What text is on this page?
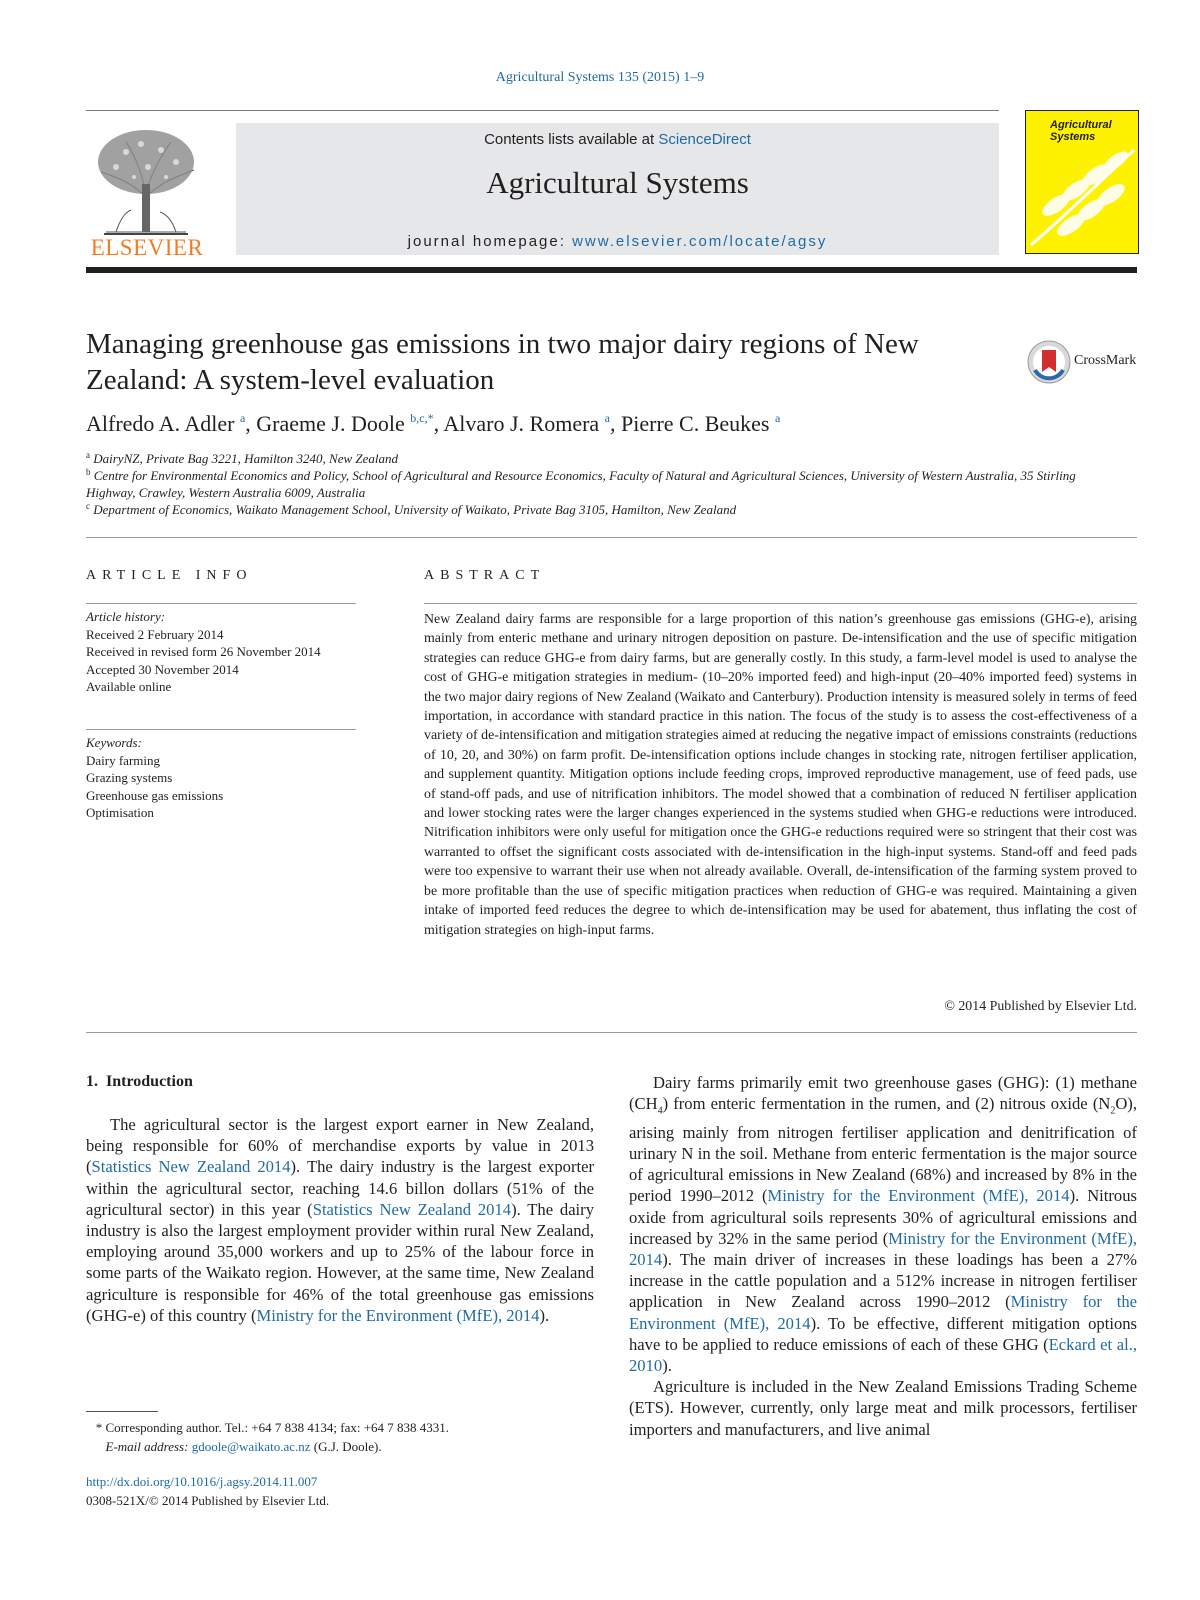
Agricultural Systems 135 (2015) 1–9
ELSEVIER
Contents lists available at ScienceDirect
Agricultural Systems
journal homepage: www.elsevier.com/locate/agsy
Agricultural Systems
Managing greenhouse gas emissions in two major dairy regions of New Zealand: A system-level evaluation
CrossMark
Alfredo A. Adler $^a$, Graeme J. Doole $^{b,c,*}$, Alvaro J. Romera $^a$, Pierre C. Beukes $^a$
$^a$ DairyNZ, Private Bag 3221, Hamilton 3240, New Zealand
$^b$ Centre for Environmental Economics and Policy, School of Agricultural and Resource Economics, Faculty of Natural and Agricultural Sciences, University of Western Australia, 35 Stirling Highway, Crawley, Western Australia 6009, Australia
$^c$ Department of Economics, Waikato Management School, University of Waikato, Private Bag 3105, Hamilton, New Zealand
ARTICLE INFO
Article history:
Received 2 February 2014
Received in revised form 26 November 2014
Accepted 30 November 2014
Available online
Keywords:
Dairy farming
Grazing systems
Greenhouse gas emissions
Optimisation
ABSTRACT
New Zealand dairy farms are responsible for a large proportion of this nation’s greenhouse gas emissions (GHG-e), arising mainly from enteric methane and urinary nitrogen deposition on pasture. De-intensification and the use of specific mitigation strategies can reduce GHG-e from dairy farms, but are generally costly. In this study, a farm-level model is used to analyse the cost of GHG-e mitigation strategies in medium- (10–20% imported feed) and high-input (20–40% imported feed) systems in the two major dairy regions of New Zealand (Waikato and Canterbury). Production intensity is measured solely in terms of feed importation, in accordance with standard practice in this nation. The focus of the study is to assess the cost-effectiveness of a variety of de-intensification and mitigation strategies aimed at reducing the negative impact of emissions constraints (reductions of 10, 20, and 30%) on farm profit. De-intensification options include changes in stocking rate, nitrogen fertiliser application, and supplement quantity. Mitigation options include feeding crops, improved reproductive management, use of feed pads, use of stand-off pads, and use of nitrification inhibitors. The model showed that a combination of reduced N fertiliser application and lower stocking rates were the larger changes experienced in the systems studied when GHG-e reductions were introduced. Nitrification inhibitors were only useful for mitigation once the GHG-e reductions required were so stringent that their cost was warranted to offset the significant costs associated with de-intensification in the high-input systems. Stand-off and feed pads were too expensive to warrant their use when not already available. Overall, de-intensification of the farming system proved to be more profitable than the use of specific mitigation practices when reduction of GHG-e was required. Maintaining a given intake of imported feed reduces the degree to which de-intensification may be used for abatement, thus inflating the cost of mitigation strategies on high-input farms.
© 2014 Published by Elsevier Ltd.
1. Introduction

The agricultural sector is the largest export earner in New Zealand, being responsible for 60% of merchandise exports by value in 2013 (Statistics New Zealand 2014). The dairy industry is the largest exporter within the agricultural sector, reaching 14.6 billon dollars (51% of the agricultural sector) in this year (Statistics New Zealand 2014). The dairy industry is also the largest employment provider within rural New Zealand, employing around 35,000 workers and up to 25% of the labour force in some parts of the Waikato region. However, at the same time, New Zealand agriculture is responsible for 46% of the total greenhouse gas emissions (GHG-e) of this country (Ministry for the Environment (MfE), 2014).

* Corresponding author. Tel.: +64 7 838 4134; fax: +64 7 838 4331.
E-mail address: gdoole@waikato.ac.nz (G.J. Doole).
http://dx.doi.org/10.1016/j.agsy.2014.11.007
0308-521X/© 2014 Published by Elsevier Ltd.

Dairy farms primarily emit two greenhouse gases (GHG): (1) methane $(CH_4)$ from enteric fermentation in the rumen, and (2) nitrous oxide $(N_2O)$, arising mainly from nitrogen fertiliser application and denitrification of urinary N in the soil. Methane from enteric fermentation is the major source of agricultural emissions in New Zealand (68%) and increased by 8% in the period 1990–2012 (Ministry for the Environment (MfE), 2014). Nitrous oxide from agricultural soils represents 30% of agricultural emissions and increased by 32% in the same period (Ministry for the Environment (MfE), 2014). The main driver of increases in these loadings has been a 27% increase in the cattle population and a 512% increase in nitrogen fertiliser application in New Zealand across 1990–2012 (Ministry for the Environment (MfE), 2014). To be effective, different mitigation options have to be applied to reduce emissions of each of these GHG (Eckard et al., 2010).

Agriculture is included in the New Zealand Emissions Trading Scheme (ETS). However, currently, only large meat and milk processors, fertiliser importers and manufacturers, and live animal
